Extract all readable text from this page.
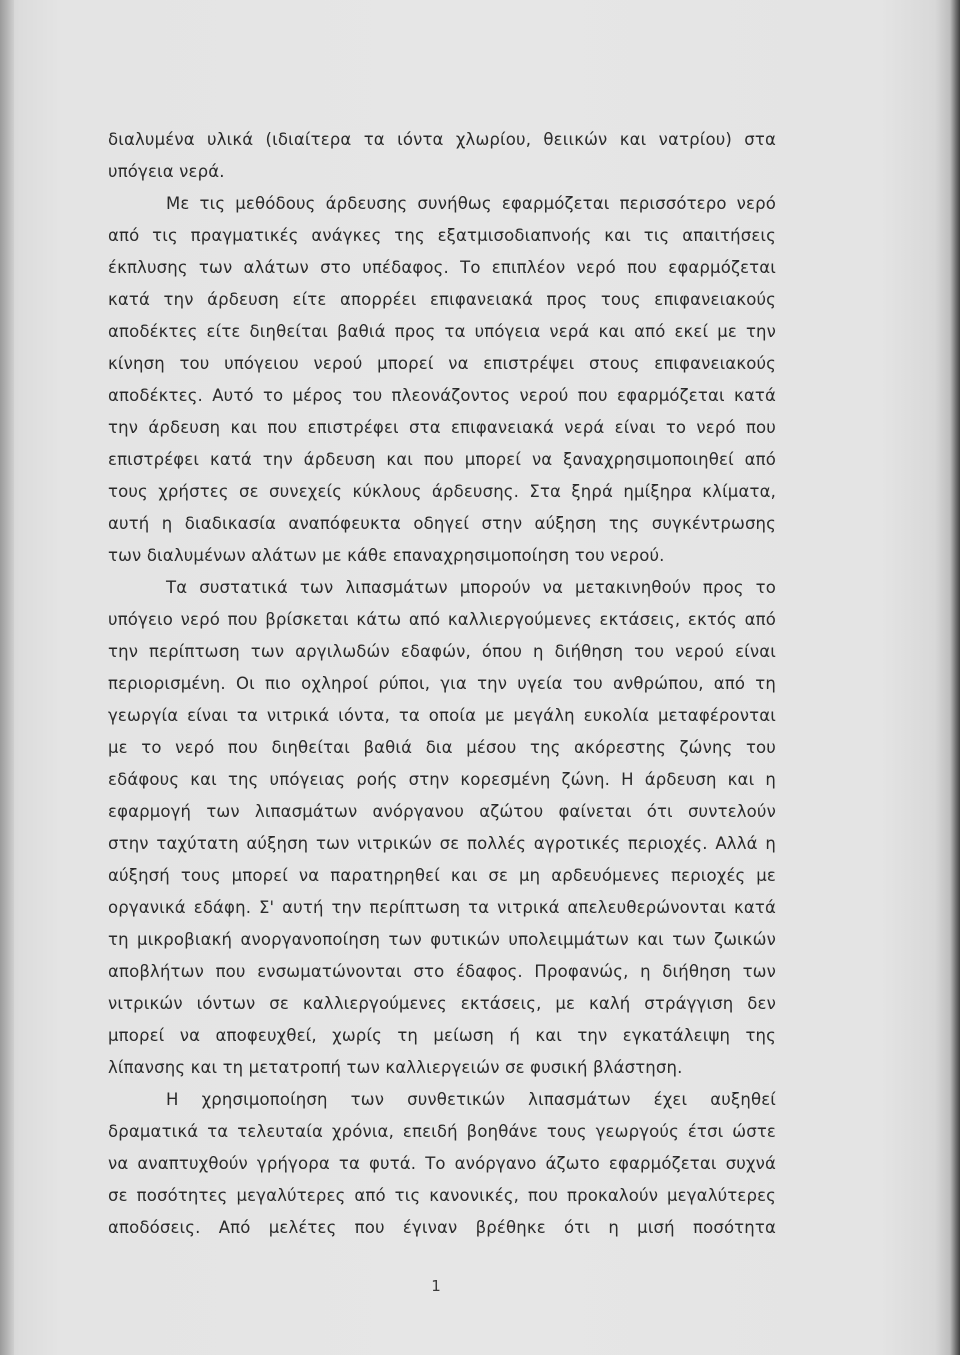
διαλυμένα υλικά (ιδιαίτερα τα ιόντα χλωρίου, θειικών και νατρίου) στα
υπόγεια νερά.
Με τις μεθόδους άρδευσης συνήθως εφαρμόζεται περισσότερο νερό
από τις πραγματικές ανάγκες της εξατμισοδιαπνοής και τις απαιτήσεις
έκπλυσης των αλάτων στο υπέδαφος. Το επιπλέον νερό που εφαρμόζεται
κατά την άρδευση είτε απορρέει επιφανειακά προς τους επιφανειακούς
αποδέκτες είτε διηθείται βαθιά προς τα υπόγεια νερά και από εκεί με την
κίνηση του υπόγειου νερού μπορεί να επιστρέψει στους επιφανειακούς
αποδέκτες. Αυτό το μέρος του πλεονάζοντος νερού που εφαρμόζεται κατά
την άρδευση και που επιστρέφει στα επιφανειακά νερά είναι το νερό που
επιστρέφει κατά την άρδευση και που μπορεί να ξαναχρησιμοποιηθεί από
τους χρήστες σε συνεχείς κύκλους άρδευσης. Στα ξηρά ημίξηρα κλίματα,
αυτή η διαδικασία αναπόφευκτα οδηγεί στην αύξηση της συγκέντρωσης
των διαλυμένων αλάτων με κάθε επαναχρησιμοποίηση του νερού.
Τα συστατικά των λιπασμάτων μπορούν να μετακινηθούν προς το
υπόγειο νερό που βρίσκεται κάτω από καλλιεργούμενες εκτάσεις, εκτός από
την περίπτωση των αργιλωδών εδαφών, όπου η διήθηση του νερού είναι
περιορισμένη. Οι πιο οχληροί ρύποι, για την υγεία του ανθρώπου, από τη
γεωργία είναι τα νιτρικά ιόντα, τα οποία με μεγάλη ευκολία μεταφέρονται
με το νερό που διηθείται βαθιά δια μέσου της ακόρεστης ζώνης του
εδάφους και της υπόγειας ροής στην κορεσμένη ζώνη. Η άρδευση και η
εφαρμογή των λιπασμάτων ανόργανου αζώτου φαίνεται ότι συντελούν
στην ταχύτατη αύξηση των νιτρικών σε πολλές αγροτικές περιοχές. Αλλά η
αύξησή τους μπορεί να παρατηρηθεί και σε μη αρδευόμενες περιοχές με
οργανικά εδάφη. Σ' αυτή την περίπτωση τα νιτρικά απελευθερώνονται κατά
τη μικροβιακή ανοργανοποίηση των φυτικών υπολειμμάτων και των ζωικών
αποβλήτων που ενσωματώνονται στο έδαφος. Προφανώς, η διήθηση των
νιτρικών ιόντων σε καλλιεργούμενες εκτάσεις, με καλή στράγγιση δεν
μπορεί να αποφευχθεί, χωρίς τη μείωση ή και την εγκατάλειψη της
λίπανσης και τη μετατροπή των καλλιεργειών σε φυσική βλάστηση.
Η χρησιμοποίηση των συνθετικών λιπασμάτων έχει αυξηθεί
δραματικά τα τελευταία χρόνια, επειδή βοηθάνε τους γεωργούς έτσι ώστε
να αναπτυχθούν γρήγορα τα φυτά. Το ανόργανο άζωτο εφαρμόζεται συχνά
σε ποσότητες μεγαλύτερες από τις κανονικές, που προκαλούν μεγαλύτερες
αποδόσεις. Από μελέτες που έγιναν βρέθηκε ότι η μισή ποσότητα
1
